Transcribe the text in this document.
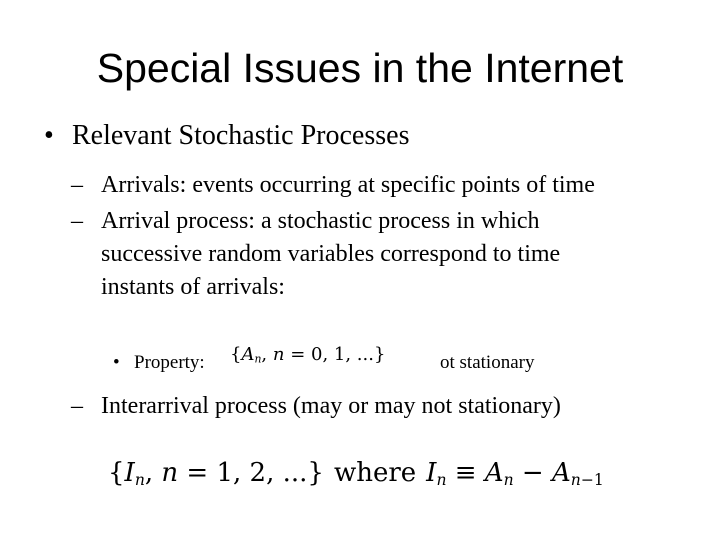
Special Issues in the Internet
• Relevant Stochastic Processes
– Arrivals: events occurring at specific points of time
– Arrival process: a stochastic process in which
successive random variables correspond to time
instants of arrivals:
• Property:	ot stationary
{$A_n$, n = 0, 1, ...}
– Interarrival process (may or may not stationary)
{$I_n$, n = 1, 2, ...} where $I_n \equiv A_n - A_{n-1}$
